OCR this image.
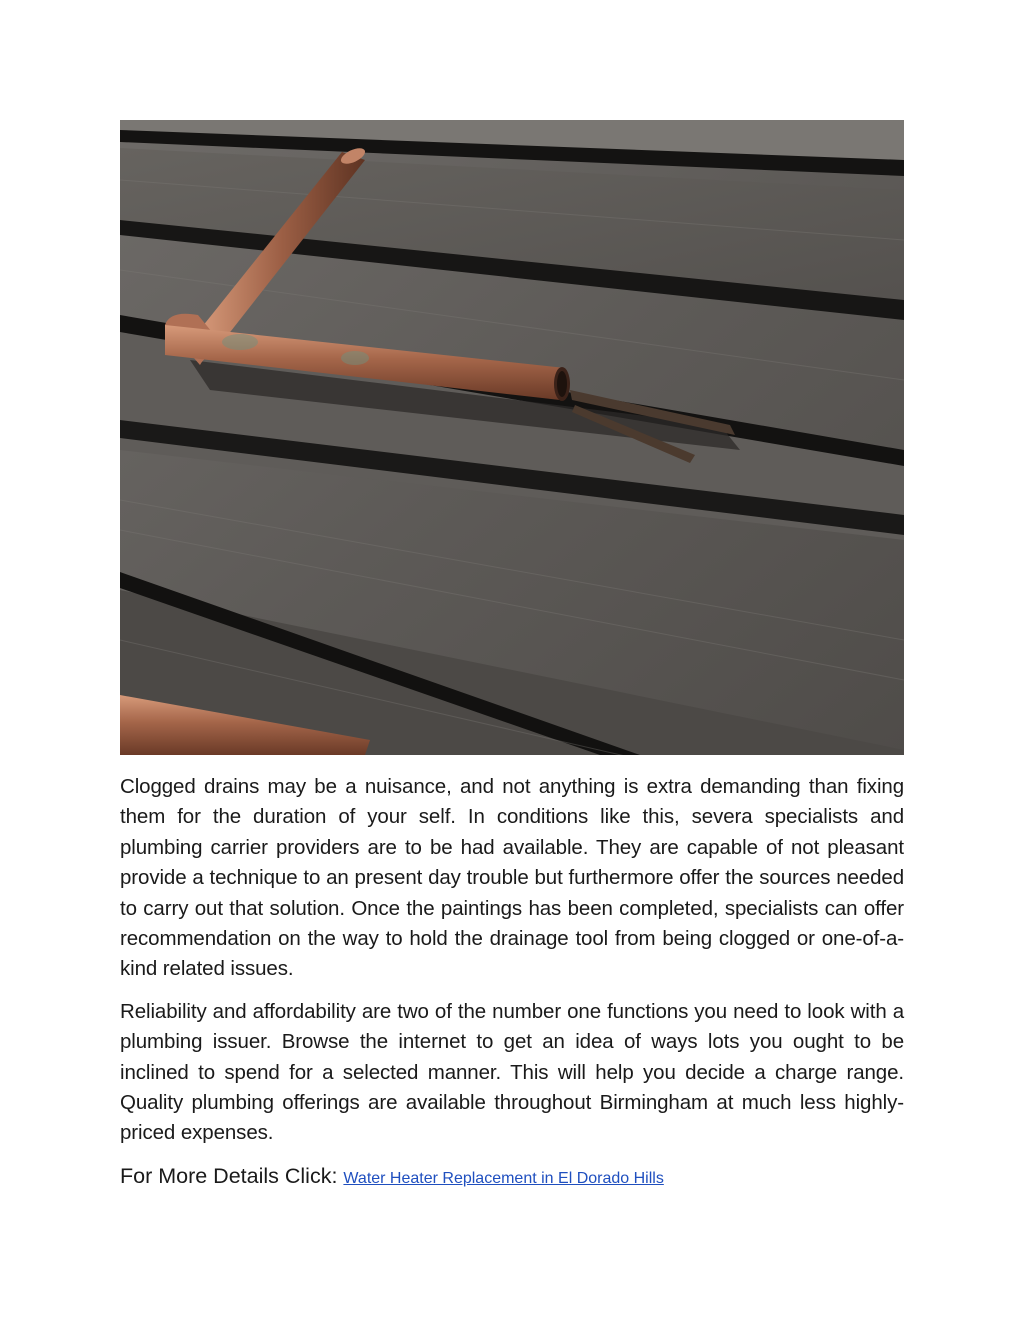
Clogged drains may be a nuisance, and not anything is extra demanding than fixing them for the duration of your self. In conditions like this, severa specialists and plumbing carrier providers are to be had available. They are capable of not pleasant provide a technique to an present day trouble but furthermore offer the sources needed to carry out that solution. Once the paintings has been completed, specialists can offer recommendation on the way to hold the drainage tool from being clogged or one-of-a-kind related issues.

Reliability and affordability are two of the number one functions you need to look with a plumbing issuer. Browse the internet to get an idea of ways lots you ought to be inclined to spend for a selected manner. This will help you decide a charge range. Quality plumbing offerings are available throughout Birmingham at much less highly-priced expenses.

For More Details Click: Water Heater Replacement in El Dorado Hills
